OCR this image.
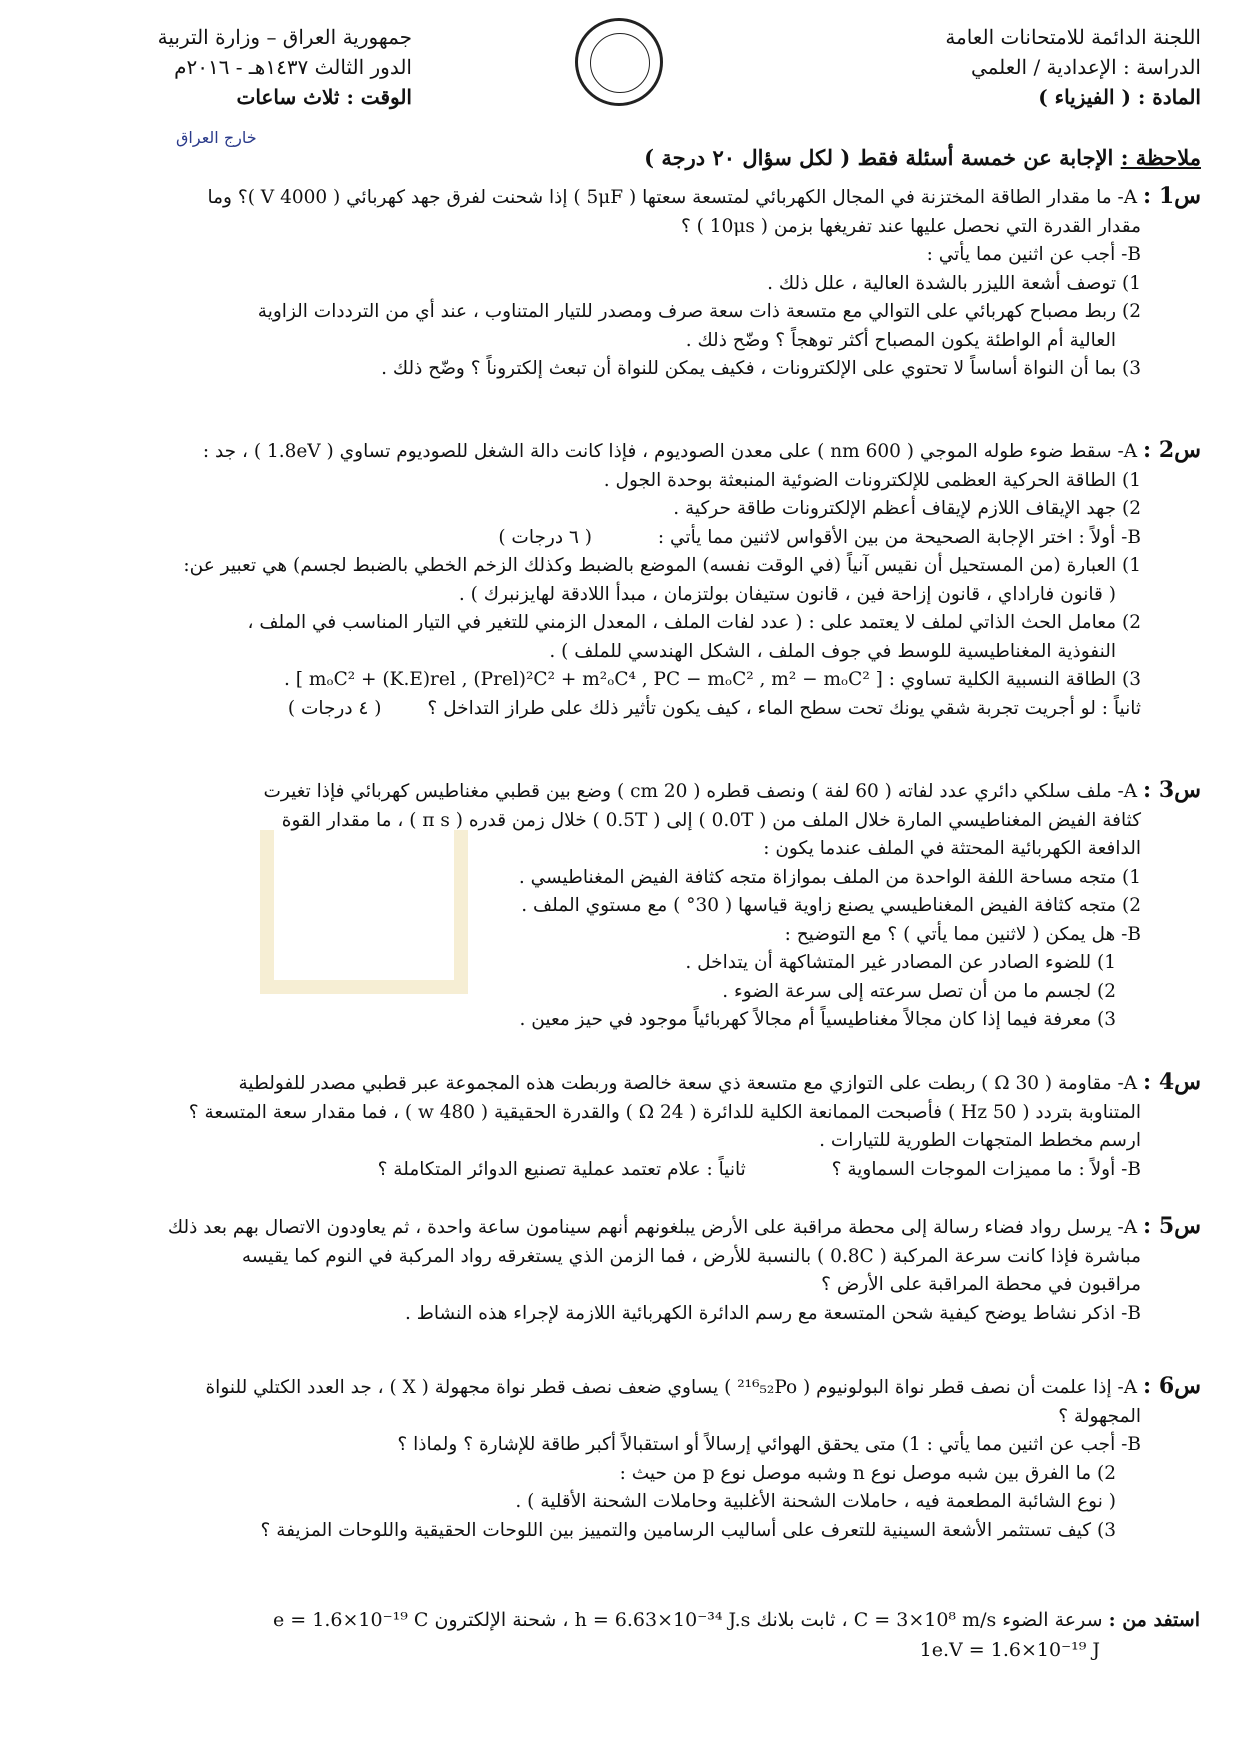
اللجنة الدائمة للامتحانات العامة
الدراسة : الإعدادية / العلمي
المادة : ( الفيزياء )
جمهورية العراق – وزارة التربية
الدور الثالث ١٤٣٧هـ - ٢٠١٦م
الوقت : ثلاث ساعات
خارج العراق
ملاحظة : الإجابة عن خمسة أسئلة فقط ( لكل سؤال ٢٠ درجة )
س1 : A- ما مقدار الطاقة المختزنة في المجال الكهربائي لمتسعة سعتها ( 5μF ) إذا شحنت لفرق جهد كهربائي ( 4000 V )؟ وما
مقدار القدرة التي نحصل عليها عند تفريغها بزمن ( 10μs ) ؟
B- أجب عن اثنين مما يأتي :
1) توصف أشعة الليزر بالشدة العالية ، علل ذلك .
2) ربط مصباح كهربائي على التوالي مع متسعة ذات سعة صرف ومصدر للتيار المتناوب ، عند أي من الترددات الزاوية
العالية أم الواطئة يكون المصباح أكثر توهجاً ؟ وضّح ذلك .
3) بما أن النواة أساساً لا تحتوي على الإلكترونات ، فكيف يمكن للنواة أن تبعث إلكتروناً ؟ وضّح ذلك .
س2 : A- سقط ضوء طوله الموجي ( 600 nm ) على معدن الصوديوم ، فإذا كانت دالة الشغل للصوديوم تساوي ( 1.8eV ) ، جد :
1) الطاقة الحركية العظمى للإلكترونات الضوئية المنبعثة بوحدة الجول .
2) جهد الإيقاف اللازم لإيقاف أعظم الإلكترونات طاقة حركية .
B- أولاً : اختر الإجابة الصحيحة من بين الأقواس لاثنين مما يأتي : ( ٦ درجات )
1) العبارة (من المستحيل أن نقيس آنياً (في الوقت نفسه) الموضع بالضبط وكذلك الزخم الخطي بالضبط لجسم) هي تعبير عن:
( قانون فاراداي ، قانون إزاحة فين ، قانون ستيفان بولتزمان ، مبدأ اللادقة لهايزنبرك ) .
2) معامل الحث الذاتي لملف لا يعتمد على : ( عدد لفات الملف ، المعدل الزمني للتغير في التيار المناسب في الملف ،
النفوذية المغناطيسية للوسط في جوف الملف ، الشكل الهندسي للملف ) .
3) الطاقة النسبية الكلية تساوي : [ mₒC² + (K.E)rel , (Prel)²C² + m²ₒC⁴ , PC − mₒC² , m² − mₒC² ] .
ثانياً : لو أجريت تجربة شقي يونك تحت سطح الماء ، كيف يكون تأثير ذلك على طراز التداخل ؟ ( ٤ درجات )
س3 : A- ملف سلكي دائري عدد لفاته ( 60 لفة ) ونصف قطره ( 20 cm ) وضع بين قطبي مغناطيس كهربائي فإذا تغيرت
كثافة الفيض المغناطيسي المارة خلال الملف من ( 0.0T ) إلى ( 0.5T ) خلال زمن قدره ( π s ) ، ما مقدار القوة
الدافعة الكهربائية المحتثة في الملف عندما يكون :
1) متجه مساحة اللفة الواحدة من الملف بموازاة متجه كثافة الفيض المغناطيسي .
2) متجه كثافة الفيض المغناطيسي يصنع زاوية قياسها ( 30° ) مع مستوي الملف .
B- هل يمكن ( لاثنين مما يأتي ) ؟ مع التوضيح :
1) للضوء الصادر عن المصادر غير المتشاكهة أن يتداخل .
2) لجسم ما من أن تصل سرعته إلى سرعة الضوء .
3) معرفة فيما إذا كان مجالاً مغناطيسياً أم مجالاً كهربائياً موجود في حيز معين .
س4 : A- مقاومة ( 30 Ω ) ربطت على التوازي مع متسعة ذي سعة خالصة وربطت هذه المجموعة عبر قطبي مصدر للفولطية
المتناوبة بتردد ( 50 Hz ) فأصبحت الممانعة الكلية للدائرة ( 24 Ω ) والقدرة الحقيقية ( 480 w ) ، فما مقدار سعة المتسعة ؟
ارسم مخطط المتجهات الطورية للتيارات .
B- أولاً : ما مميزات الموجات السماوية ؟ ثانياً : علام تعتمد عملية تصنيع الدوائر المتكاملة ؟
س5 : A- يرسل رواد فضاء رسالة إلى محطة مراقبة على الأرض يبلغونهم أنهم سينامون ساعة واحدة ، ثم يعاودون الاتصال بهم بعد ذلك
مباشرة فإذا كانت سرعة المركبة ( 0.8C ) بالنسبة للأرض ، فما الزمن الذي يستغرقه رواد المركبة في النوم كما يقيسه
مراقبون في محطة المراقبة على الأرض ؟
B- اذكر نشاط يوضح كيفية شحن المتسعة مع رسم الدائرة الكهربائية اللازمة لإجراء هذه النشاط .
س6 : A- إذا علمت أن نصف قطر نواة البولونيوم ( ²¹⁶₅₂Po ) يساوي ضعف نصف قطر نواة مجهولة ( X ) ، جد العدد الكتلي للنواة
المجهولة ؟
B- أجب عن اثنين مما يأتي : 1) متى يحقق الهوائي إرسالاً أو استقبالاً أكبر طاقة للإشارة ؟ ولماذا ؟
2) ما الفرق بين شبه موصل نوع n وشبه موصل نوع p من حيث :
( نوع الشائبة المطعمة فيه ، حاملات الشحنة الأغلبية وحاملات الشحنة الأقلية ) .
3) كيف تستثمر الأشعة السينية للتعرف على أساليب الرسامين والتمييز بين اللوحات الحقيقية واللوحات المزيفة ؟
استفد من : سرعة الضوء C = 3×10⁸ m/s ، ثابت بلانك h = 6.63×10⁻³⁴ J.s ، شحنة الإلكترون e = 1.6×10⁻¹⁹ C
1e.V = 1.6×10⁻¹⁹ J
